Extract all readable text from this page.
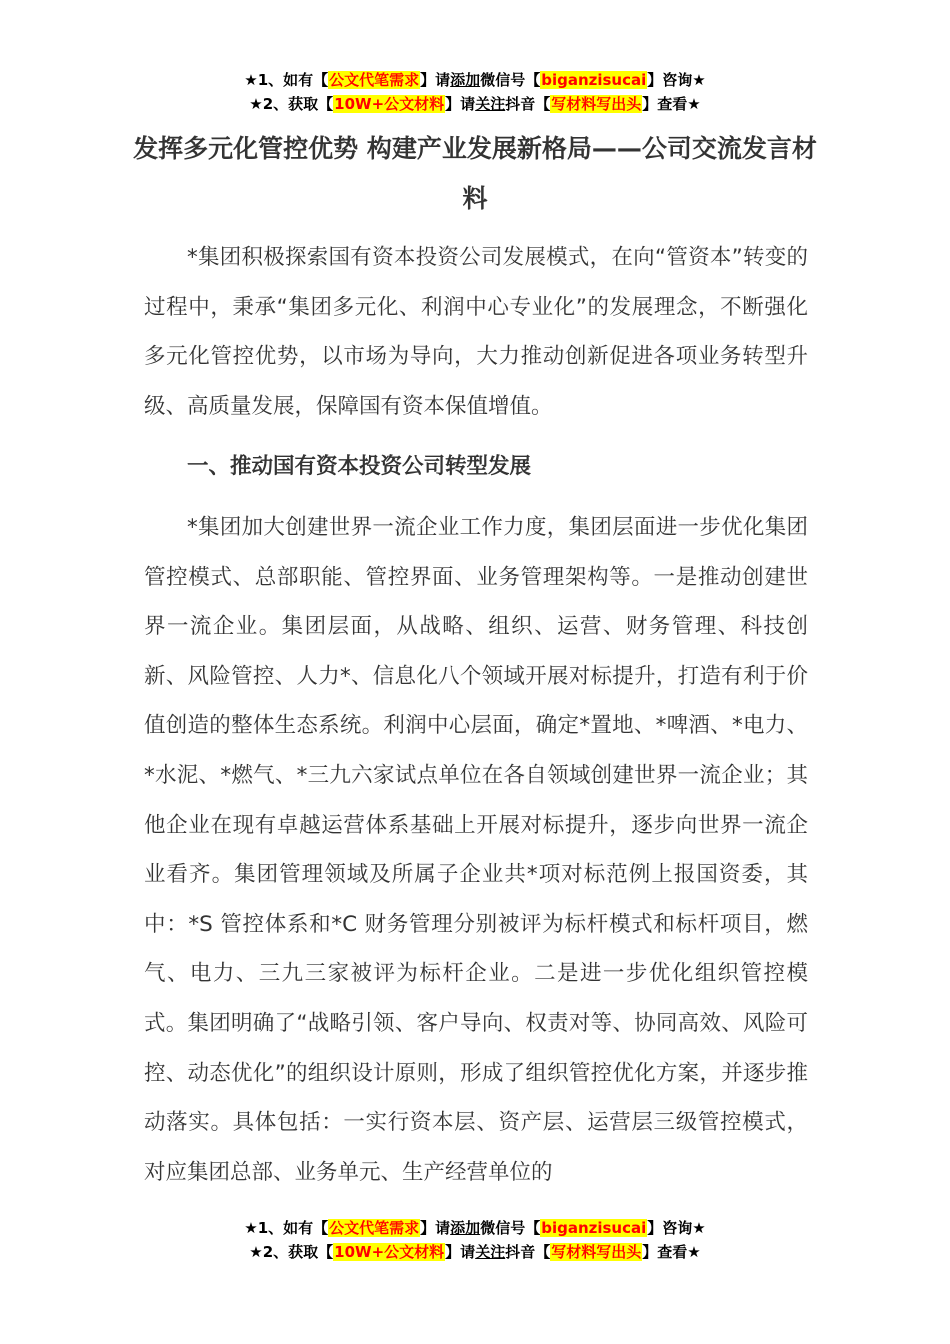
★1、如有【公文代笔需求】请添加微信号【biganzisucai】咨询★
★2、获取【10W+公文材料】请关注抖音【写材料写出头】查看★
发挥多元化管控优势 构建产业发展新格局——公司交流发言材料

*集团积极探索国有资本投资公司发展模式，在向“管资本”转变的过程中，秉承“集团多元化、利润中心专业化”的发展理念，不断强化多元化管控优势，以市场为导向，大力推动创新促进各项业务转型升级、高质量发展，保障国有资本保值增值。

一、推动国有资本投资公司转型发展

*集团加大创建世界一流企业工作力度，集团层面进一步优化集团管控模式、总部职能、管控界面、业务管理架构等。一是推动创建世界一流企业。集团层面，从战略、组织、运营、财务管理、科技创新、风险管控、人力*、信息化八个领域开展对标提升，打造有利于价值创造的整体生态系统。利润中心层面，确定*置地、*啤酒、*电力、*水泥、*燃气、*三九六家试点单位在各自领域创建世界一流企业；其他企业在现有卓越运营体系基础上开展对标提升，逐步向世界一流企业看齐。集团管理领域及所属子企业共*项对标范例上报国资委，其中：*S 管控体系和*C 财务管理分别被评为标杆模式和标杆项目，燃气、电力、三九三家被评为标杆企业。二是进一步优化组织管控模式。集团明确了“战略引领、客户导向、权责对等、协同高效、风险可控、动态优化”的组织设计原则，形成了组织管控优化方案，并逐步推动落实。具体包括：一实行资本层、资产层、运营层三级管控模式，对应集团总部、业务单元、生产经营单位的

★1、如有【公文代笔需求】请添加微信号【biganzisucai】咨询★
★2、获取【10W+公文材料】请关注抖音【写材料写出头】查看★
